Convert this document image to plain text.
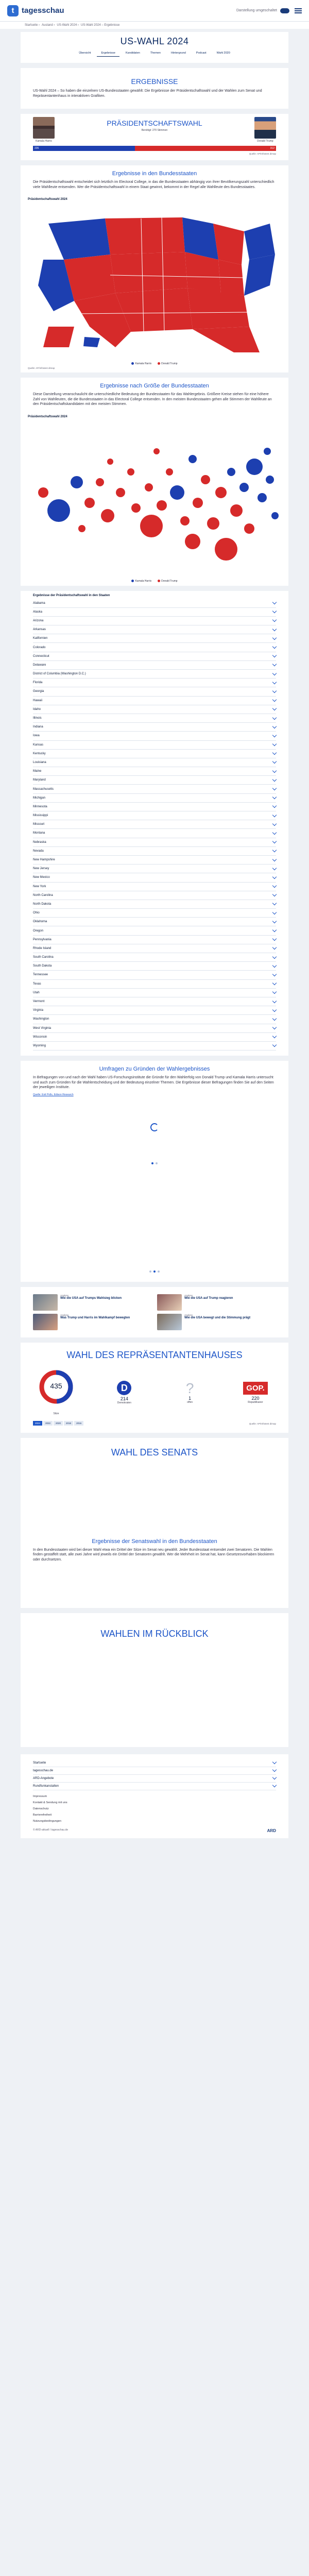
t tagesschau	Darstellung umgeschaltet
Startseite ›	Ausland ›	US-Wahl 2024 ›	US-Wahl 2024 – Ergebnisse
US-WAHL 2024
Übersicht	Ergebnisse	Kandidaten	Themen	Hintergrund	Podcast	Wahl 2020
ERGEBNISSE

US-Wahl 2024 – So haben die einzelnen US-Bundesstaaten gewählt: Die Ergebnisse der Präsidentschaftswahl und der Wahlen zum Senat und Repräsentantenhaus in interaktiven Grafiken.

Kamala Harris
PRÄSIDENTSCHAFTSWAHL
Benötigt: 270 Stimmen
Donald Trump
226	312
Quelle: AP/Infratest dimap
Ergebnisse in den Bundesstaaten

Die Präsidentschaftswahl entscheidet sich letztlich im Electoral College, in das die Bundesstaaten abhängig von ihrer Bevölkerungszahl unterschiedlich viele Wahlleute entsenden. Wer die Präsidentschaftswahl in einem Staat gewinnt, bekommt in der Regel alle Wahlleute des Bundesstaates.

Präsidentschaftswahl 2024
Kamala Harris	Donald Trump
Quelle: AP/Infratest dimap
Ergebnisse nach Größe der Bundesstaaten

Diese Darstellung veranschaulicht die unterschiedliche Bedeutung der Bundesstaaten für das Wahlergebnis. Größere Kreise stehen für eine höhere Zahl von Wahlleuten, die die Bundesstaaten in das Electoral College entsenden. In den meisten Bundesstaaten gehen alle Stimmen der Wahlleute an den Präsidentschaftskandidaten mit den meisten Stimmen.

Präsidentschaftswahl 2024
Kamala Harris	Donald Trump
Ergebnisse der Präsidentschaftswahl in den Staaten
Alabama
Alaska
Arizona
Arkansas
Kalifornien
Colorado
Connecticut
Delaware
District of Columbia (Washington D.C.)
Florida
Georgia
Hawaii
Idaho
Illinois
Indiana
Iowa
Kansas
Kentucky
Louisiana
Maine
Maryland
Massachusetts
Michigan
Minnesota
Mississippi
Missouri
Montana
Nebraska
Nevada
New Hampshire
New Jersey
New Mexico
New York
North Carolina
North Dakota
Ohio
Oklahoma
Oregon
Pennsylvania
Rhode Island
South Carolina
South Dakota
Tennessee
Texas
Utah
Vermont
Virginia
Washington
West Virginia
Wisconsin
Wyoming
Umfragen zu Gründen der Wahlergebnisses

In Befragungen von und nach der Wahl haben US-Forschungsinstitute die Gründe für den Wahlerfolg von Donald Trump und Kamala Harris untersucht und auch zum Gründen für die Wahlentscheidung und der Bedeutung einzelner Themen. Die Ergebnisse dieser Befragungen finden Sie auf den Seiten der jeweiligen Institute.

Quelle: Exit Polls, Edison Research
Analyse
Wie die USA auf Trumps Wahlsieg blicken
Analyse
Wie die USA auf Trump reagieren
Analyse
Was Trump und Harris im Wahlkampf bewegten
Analyse
Wie die USA bewegt und die Stimmung prägt
WAHL DES REPRÄSENTANTENHAUSES
435
Sitze
D
214
Demokraten
?
1
offen
GOP.
220
Republikaner
2024	2022	2020	2018	2016	Quelle: AP/Infratest dimap
WAHL DES SENATS
Ergebnisse der Senatswahl in den Bundesstaaten

In den Bundesstaaten wird bei dieser Wahl etwa ein Drittel der Sitze im Senat neu gewählt. Jeder Bundesstaat entsendet zwei Senatoren. Die Wahlen finden gestaffelt statt, alle zwei Jahre wird jeweils ein Drittel der Senatoren gewählt. Wer die Mehrheit im Senat hat, kann Gesetzesvorhaben blockieren oder durchsetzen.

WAHLEN IM RÜCKBLICK
Startseite
tagesschau.de
ARD-Angebote
Rundfunkanstalten
Impressum
Kontakt & Sendung mit uns
Datenschutz
Barrierefreiheit
Nutzungsbedingungen
© ARD-aktuell / tagesschau.de	ARD
